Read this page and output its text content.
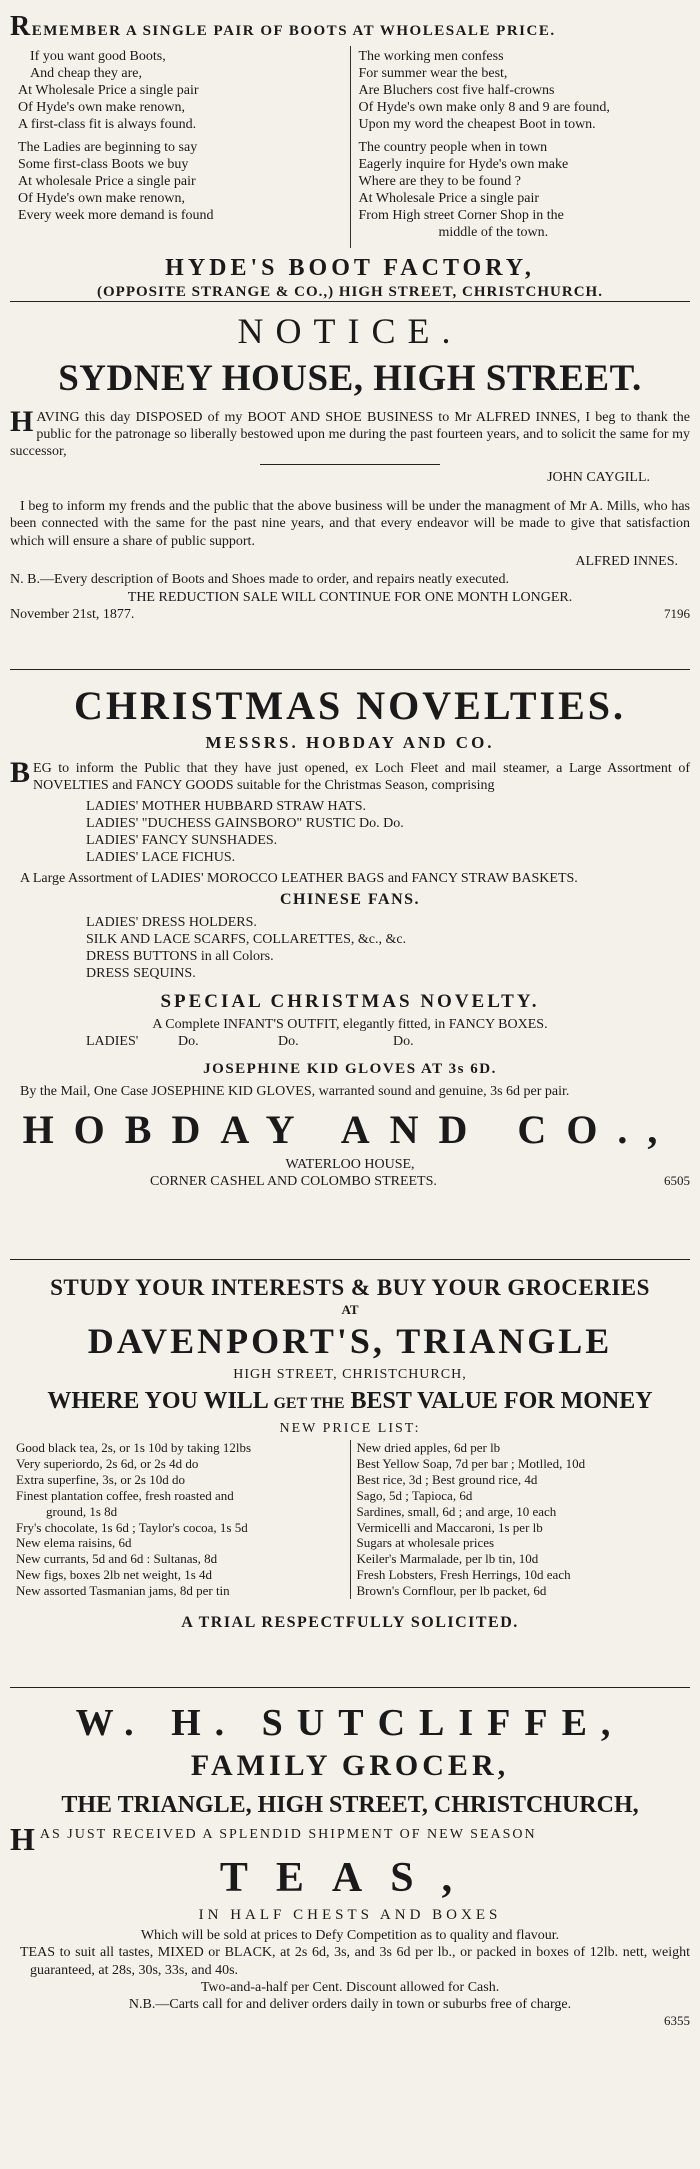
REMEMBER A SINGLE PAIR OF BOOTS AT WHOLESALE PRICE.

If you want good Boots,

And cheap they are,

At Wholesale Price a single pair

Of Hyde's own make renown,

A first-class fit is always found.

The Ladies are beginning to say

Some first-class Boots we buy

At wholesale Price a single pair

Of Hyde's own make renown,

Every week more demand is found

The working men confess

For summer wear the best,

Are Bluchers cost five half-crowns

Of Hyde's own make only 8 and 9 are found,

Upon my word the cheapest Boot in town.

The country people when in town

Eagerly inquire for Hyde's own make

Where are they to be found ?

At Wholesale Price a single pair

From High street Corner Shop in the

middle of the town.

HYDE'S BOOT FACTORY,
(OPPOSITE STRANGE & CO.,) HIGH STREET, CHRISTCHURCH.
NOTICE.
SYDNEY HOUSE, HIGH STREET.

HAVING this day DISPOSED of my BOOT AND SHOE BUSINESS to Mr ALFRED INNES, I beg to thank the public for the patronage so liberally bestowed upon me during the past fourteen years, and to solicit the same for my successor,

JOHN CAYGILL.

I beg to inform my frends and the public that the above business will be under the managment of Mr A. Mills, who has been connected with the same for the past nine years, and that every endeavor will be made to give that satisfaction which will ensure a share of public support.

ALFRED INNES.

N. B.—Every description of Boots and Shoes made to order, and repairs neatly executed.

THE REDUCTION SALE WILL CONTINUE FOR ONE MONTH LONGER.

November 21st, 1877.	7196
CHRISTMAS NOVELTIES.
MESSRS. HOBDAY AND CO.

BEG to inform the Public that they have just opened, ex Loch Fleet and mail steamer, a Large Assortment of NOVELTIES and FANCY GOODS suitable for the Christmas Season, comprising

LADIES' MOTHER HUBBARD STRAW HATS.

LADIES' "DUCHESS GAINSBORO" RUSTIC Do. Do.

LADIES' FANCY SUNSHADES.

LADIES' LACE FICHUS.

A Large Assortment of LADIES' MOROCCO LEATHER BAGS and FANCY STRAW BASKETS.

CHINESE FANS.

LADIES' DRESS HOLDERS.

SILK AND LACE SCARFS, COLLARETTES, &c., &c.

DRESS BUTTONS in all Colors.

DRESS SEQUINS.

SPECIAL CHRISTMAS NOVELTY.

A Complete INFANT'S OUTFIT, elegantly fitted, in FANCY BOXES.

LADIES'	Do.	Do.	Do.

JOSEPHINE KID GLOVES AT 3s 6D.

By the Mail, One Case JOSEPHINE KID GLOVES, warranted sound and genuine, 3s 6d per pair.

HOBDAY AND CO.,
WATERLOO HOUSE,
CORNER CASHEL AND COLOMBO STREETS.	6505
STUDY YOUR INTERESTS & BUY YOUR GROCERIES
AT
DAVENPORT'S, TRIANGLE
HIGH STREET, CHRISTCHURCH,
WHERE YOU WILL GET THE BEST VALUE FOR MONEY
NEW PRICE LIST:

Good black tea, 2s, or 1s 10d by taking 12lbs

Very superiordo, 2s 6d, or 2s 4d do

Extra superfine, 3s, or 2s 10d do

Finest plantation coffee, fresh roasted and

ground, 1s 8d

Fry's chocolate, 1s 6d ; Taylor's cocoa, 1s 5d

New elema raisins, 6d

New currants, 5d and 6d : Sultanas, 8d

New figs, boxes 2lb net weight, 1s 4d

New assorted Tasmanian jams, 8d per tin

New dried apples, 6d per lb

Best Yellow Soap, 7d per bar ; Motlled, 10d

Best rice, 3d ; Best ground rice, 4d

Sago, 5d ; Tapioca, 6d

Sardines, small, 6d ; and arge, 10 each

Vermicelli and Maccaroni, 1s per lb

Sugars at wholesale prices

Keiler's Marmalade, per lb tin, 10d

Fresh Lobsters, Fresh Herrings, 10d each

Brown's Cornflour, per lb packet, 6d

A TRIAL RESPECTFULLY SOLICITED.
W. H. SUTCLIFFE,
FAMILY GROCER,
THE TRIANGLE, HIGH STREET, CHRISTCHURCH,
HAS JUST RECEIVED A SPLENDID SHIPMENT OF NEW SEASON
TEAS,
IN HALF CHESTS AND BOXES

Which will be sold at prices to Defy Competition as to quality and flavour.

TEAS to suit all tastes, MIXED or BLACK, at 2s 6d, 3s, and 3s 6d per lb., or packed in boxes of 12lb. nett, weight guaranteed, at 28s, 30s, 33s, and 40s.

Two-and-a-half per Cent. Discount allowed for Cash.

N.B.—Carts call for and deliver orders daily in town or suburbs free of charge.

6355
